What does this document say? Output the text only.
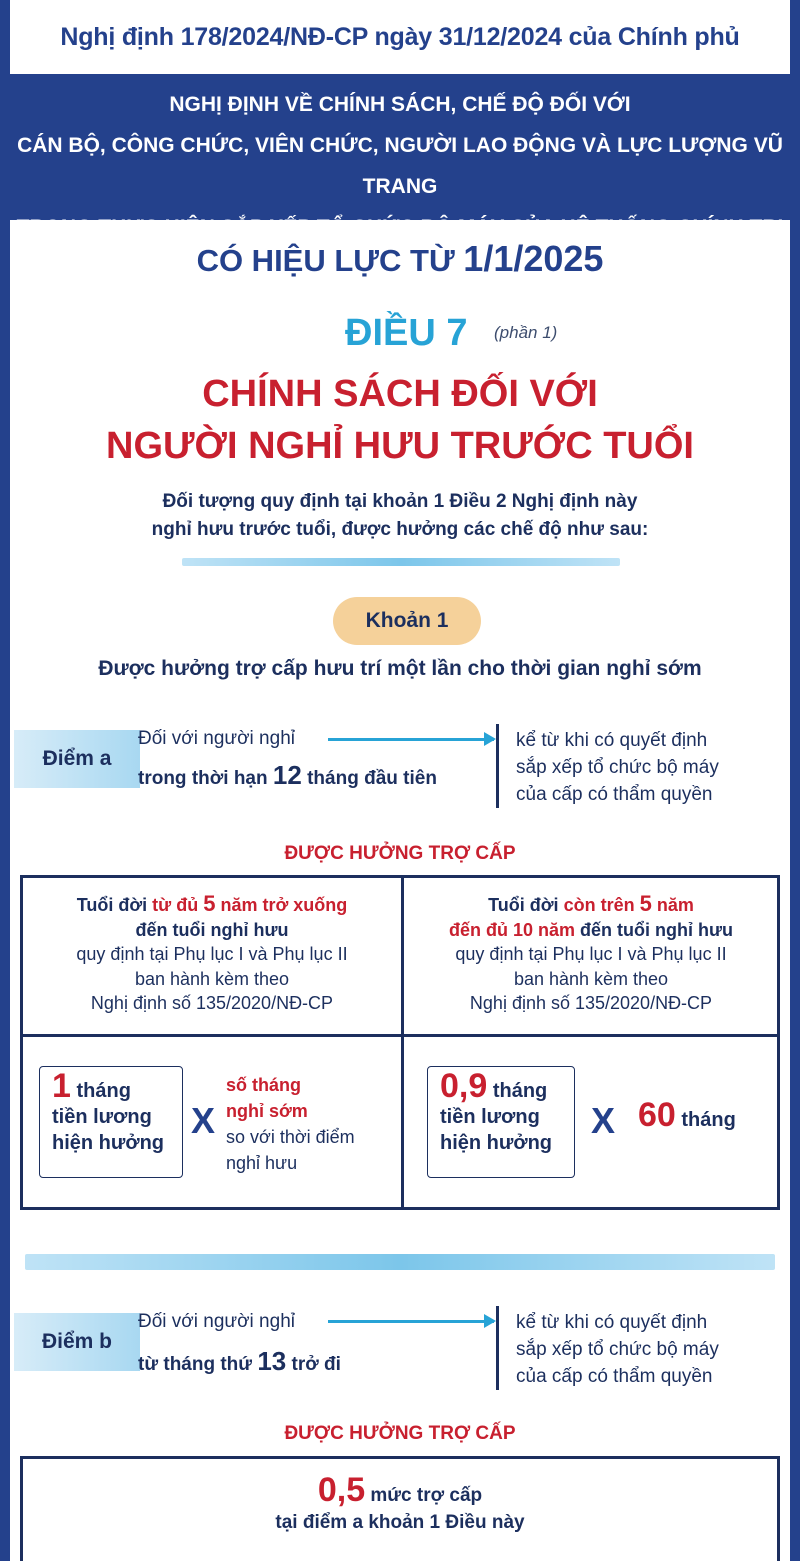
Nghị định 178/2024/NĐ-CP ngày 31/12/2024 của Chính phủ
NGHỊ ĐỊNH VỀ CHÍNH SÁCH, CHẾ ĐỘ ĐỐI VỚI
CÁN BỘ, CÔNG CHỨC, VIÊN CHỨC, NGƯỜI LAO ĐỘNG VÀ LỰC LƯỢNG VŨ TRANG
TRONG THỰC HIỆN SẮP XẾP TỔ CHỨC BỘ MÁY CỦA HỆ THỐNG CHÍNH TRỊ
CÓ HIỆU LỰC TỪ 1/1/2025
ĐIỀU 7 (phần 1)
CHÍNH SÁCH ĐỐI VỚI
NGƯỜI NGHỈ HƯU TRƯỚC TUỔI
Đối tượng quy định tại khoản 1 Điều 2 Nghị định này
nghỉ hưu trước tuổi, được hưởng các chế độ như sau:
Khoản 1
Được hưởng trợ cấp hưu trí một lần cho thời gian nghỉ sớm
Điểm a
Đối với người nghỉ
trong thời hạn 12 tháng đầu tiên
kể từ khi có quyết định
sắp xếp tổ chức bộ máy
của cấp có thẩm quyền
ĐƯỢC HƯỞNG TRỢ CẤP
Tuổi đời từ đủ 5 năm trở xuống
đến tuổi nghỉ hưu
quy định tại Phụ lục I và Phụ lục II
ban hành kèm theo
Nghị định số 135/2020/NĐ-CP
Tuổi đời còn trên 5 năm
đến đủ 10 năm đến tuổi nghỉ hưu
quy định tại Phụ lục I và Phụ lục II
ban hành kèm theo
Nghị định số 135/2020/NĐ-CP
1 tháng
tiền lương
hiện hưởng
X
số tháng
nghỉ sớm
so với thời điểm
nghỉ hưu
0,9 tháng
tiền lương
hiện hưởng
X 60 tháng
Điểm b
Đối với người nghỉ
từ tháng thứ 13 trở đi
kể từ khi có quyết định
sắp xếp tổ chức bộ máy
của cấp có thẩm quyền
ĐƯỢC HƯỞNG TRỢ CẤP
0,5 mức trợ cấp
tại điểm a khoản 1 Điều này
